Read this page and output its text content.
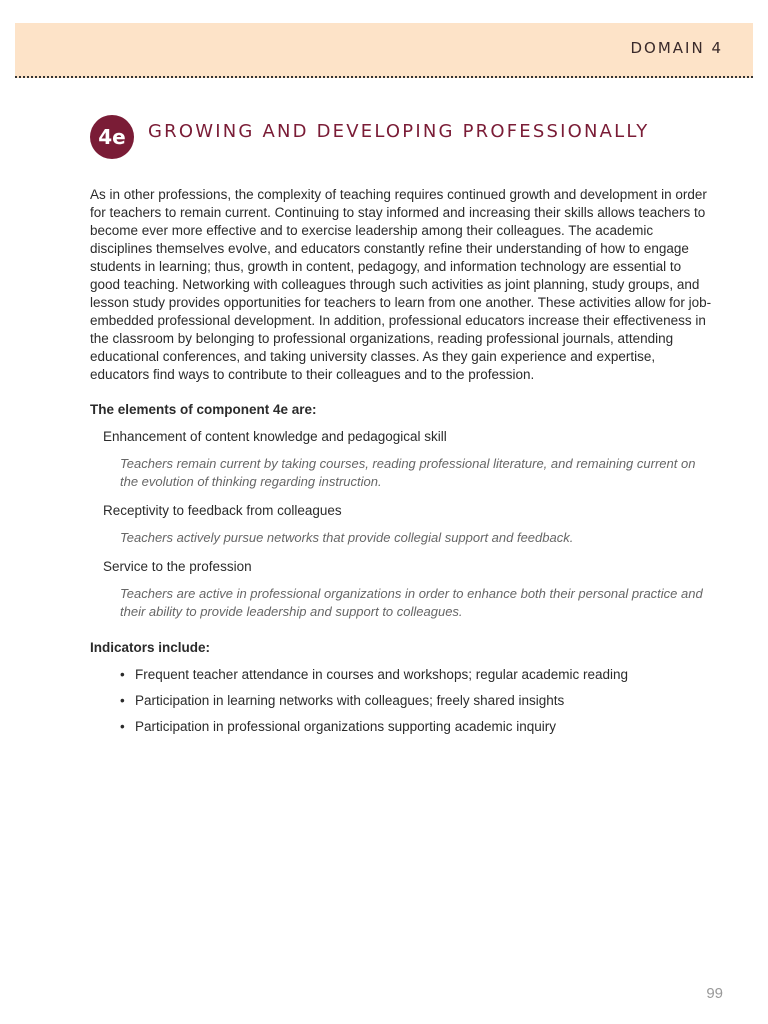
DOMAIN 4
4e	GROWING AND DEVELOPING PROFESSIONALLY

As in other professions, the complexity of teaching requires continued growth and development in order for teachers to remain current. Continuing to stay informed and increasing their skills allows teachers to become ever more effective and to exercise leadership among their colleagues. The academic disciplines themselves evolve, and educators constantly refine their understanding of how to engage students in learning; thus, growth in content, pedagogy, and information technology are essential to good teaching. Networking with colleagues through such activities as joint planning, study groups, and lesson study provides opportunities for teachers to learn from one another. These activities allow for job-embedded professional development. In addition, professional educators increase their effectiveness in the classroom by belonging to professional organizations, reading professional journals, attending educational conferences, and taking university classes. As they gain experience and expertise, educators find ways to contribute to their colleagues and to the profession.

The elements of component 4e are:
Enhancement of content knowledge and pedagogical skill
Teachers remain current by taking courses, reading professional literature, and remaining current on the evolution of thinking regarding instruction.
Receptivity to feedback from colleagues
Teachers actively pursue networks that provide collegial support and feedback.
Service to the profession
Teachers are active in professional organizations in order to enhance both their personal practice and their ability to provide leadership and support to colleagues.
Indicators include:
• Frequent teacher attendance in courses and workshops; regular academic reading
• Participation in learning networks with colleagues; freely shared insights
• Participation in professional organizations supporting academic inquiry
99
